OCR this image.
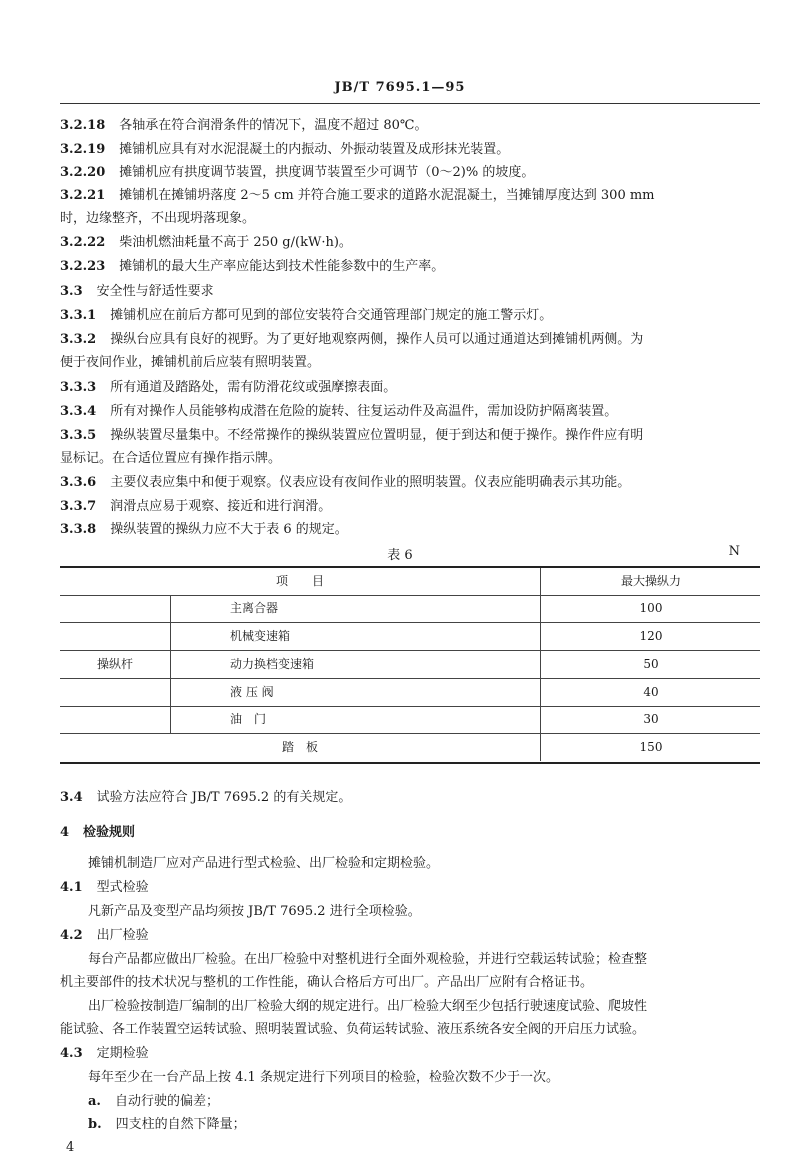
JB/T 7695.1—95
3.2.18 各轴承在符合润滑条件的情况下，温度不超过 80℃。
3.2.19 摊铺机应具有对水泥混凝土的内振动、外振动装置及成形抹光装置。
3.2.20 摊铺机应有拱度调节装置，拱度调节装置至少可调节（0～2)% 的坡度。
3.2.21 摊铺机在摊铺坍落度 2～5 cm 并符合施工要求的道路水泥混凝土，当摊铺厚度达到 300 mm
时，边缘整齐，不出现坍落现象。
3.2.22 柴油机燃油耗量不高于 250 g/(kW·h)。
3.2.23 摊铺机的最大生产率应能达到技术性能参数中的生产率。
3.3 安全性与舒适性要求
3.3.1 摊铺机应在前后方都可见到的部位安装符合交通管理部门规定的施工警示灯。
3.3.2 操纵台应具有良好的视野。为了更好地观察两侧，操作人员可以通过通道达到摊铺机两侧。为
便于夜间作业，摊铺机前后应装有照明装置。
3.3.3 所有通道及踏路处，需有防滑花纹或强摩擦表面。
3.3.4 所有对操作人员能够构成潜在危险的旋转、往复运动件及高温件，需加设防护隔离装置。
3.3.5 操纵装置尽量集中。不经常操作的操纵装置应位置明显，便于到达和便于操作。操作件应有明
显标记。在合适位置应有操作指示牌。
3.3.6 主要仪表应集中和便于观察。仪表应设有夜间作业的照明装置。仪表应能明确表示其功能。
3.3.7 润滑点应易于观察、接近和进行润滑。
3.3.8 操纵装置的操纵力应不大于表 6 的规定。
表 6	N
项　　目	最大操纵力
操纵杆
主离合器	100
机械变速箱	120
动力换档变速箱	50
液 压 阀	40
油　门	30
踏　板	150
3.4 试验方法应符合 JB/T 7695.2 的有关规定。
4 检验规则
摊铺机制造厂应对产品进行型式检验、出厂检验和定期检验。
4.1 型式检验
凡新产品及变型产品均须按 JB/T 7695.2 进行全项检验。
4.2 出厂检验
每台产品都应做出厂检验。在出厂检验中对整机进行全面外观检验，并进行空载运转试验；检查整
机主要部件的技术状况与整机的工作性能，确认合格后方可出厂。产品出厂应附有合格证书。
出厂检验按制造厂编制的出厂检验大纲的规定进行。出厂检验大纲至少包括行驶速度试验、爬坡性
能试验、各工作装置空运转试验、照明装置试验、负荷运转试验、液压系统各安全阀的开启压力试验。
4.3 定期检验
每年至少在一台产品上按 4.1 条规定进行下列项目的检验，检验次数不少于一次。
a. 自动行驶的偏差；
b. 四支柱的自然下降量；
4
